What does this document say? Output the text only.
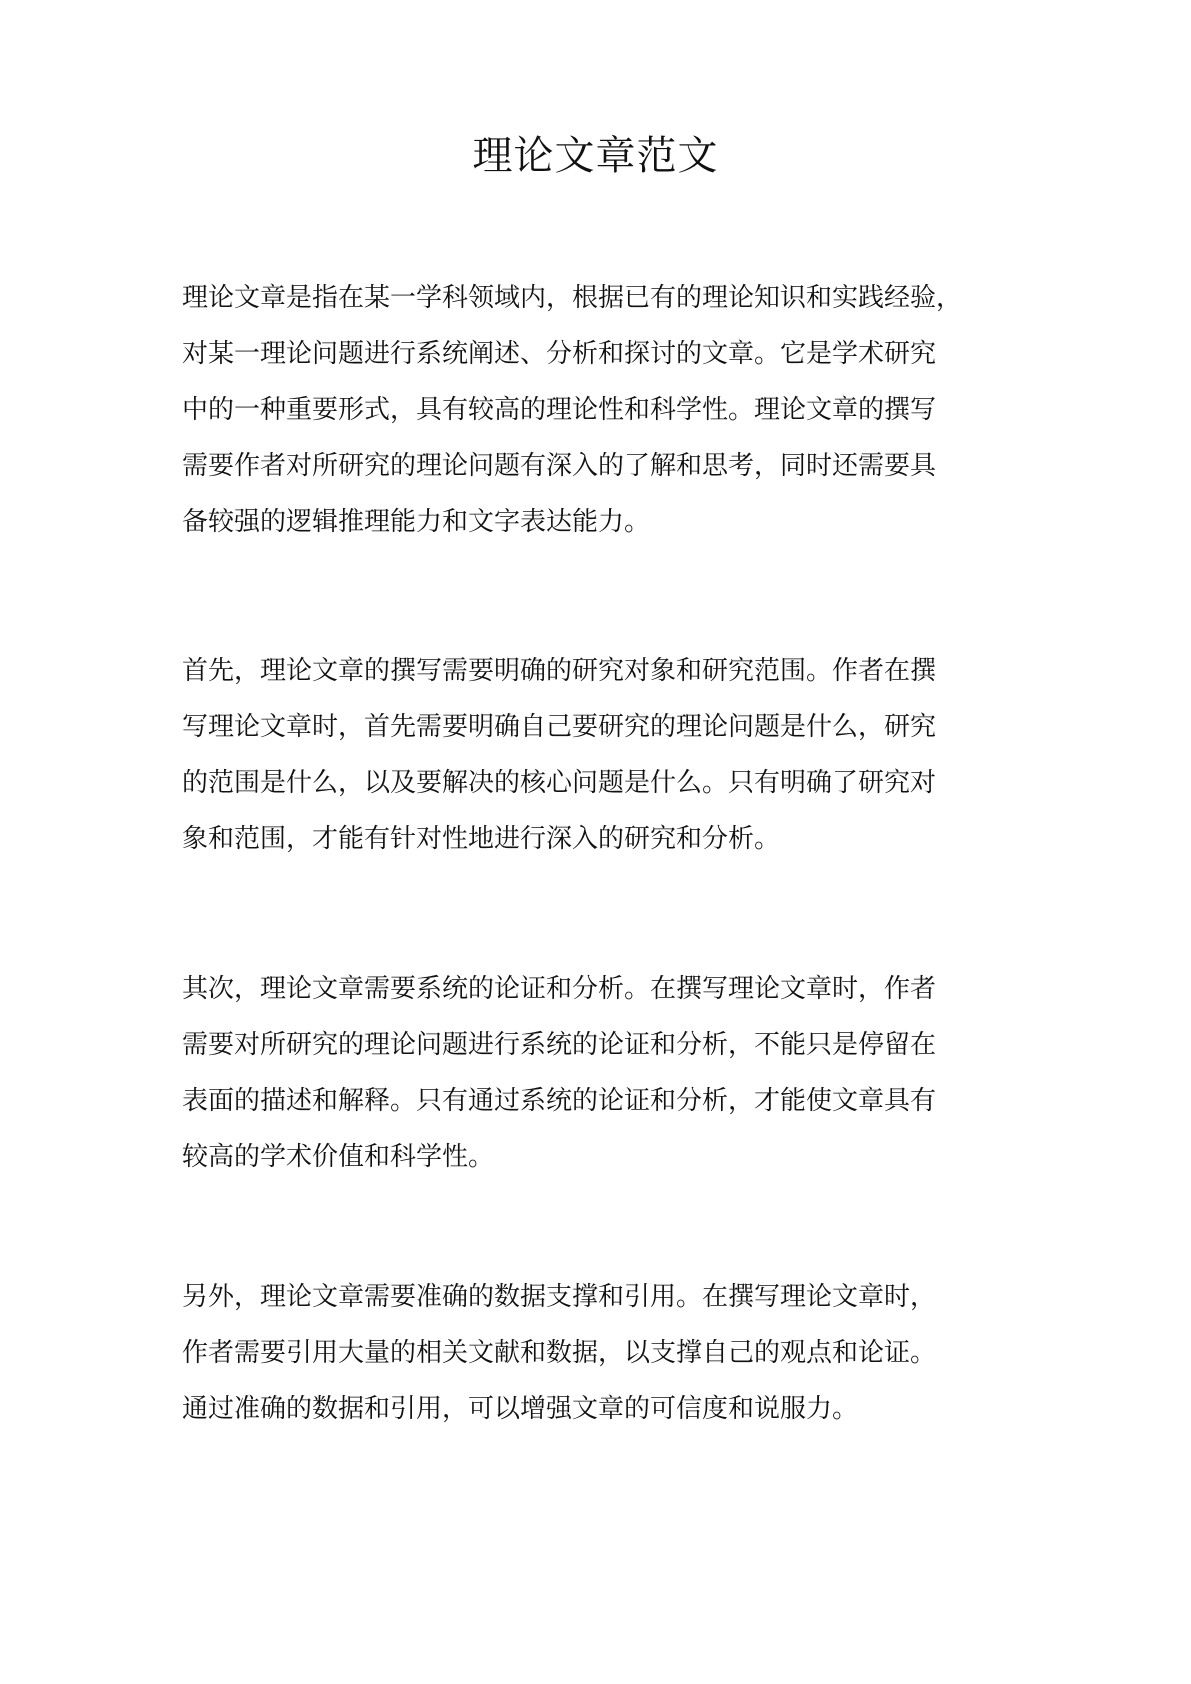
理论文章范文
理论文章是指在某一学科领域内，根据已有的理论知识和实践经验，
对某一理论问题进行系统阐述、分析和探讨的文章。它是学术研究
中的一种重要形式，具有较高的理论性和科学性。理论文章的撰写
需要作者对所研究的理论问题有深入的了解和思考，同时还需要具
备较强的逻辑推理能力和文字表达能力。
首先，理论文章的撰写需要明确的研究对象和研究范围。作者在撰
写理论文章时，首先需要明确自己要研究的理论问题是什么，研究
的范围是什么，以及要解决的核心问题是什么。只有明确了研究对
象和范围，才能有针对性地进行深入的研究和分析。
其次，理论文章需要系统的论证和分析。在撰写理论文章时，作者
需要对所研究的理论问题进行系统的论证和分析，不能只是停留在
表面的描述和解释。只有通过系统的论证和分析，才能使文章具有
较高的学术价值和科学性。
另外，理论文章需要准确的数据支撑和引用。在撰写理论文章时，
作者需要引用大量的相关文献和数据，以支撑自己的观点和论证。
通过准确的数据和引用，可以增强文章的可信度和说服力。
